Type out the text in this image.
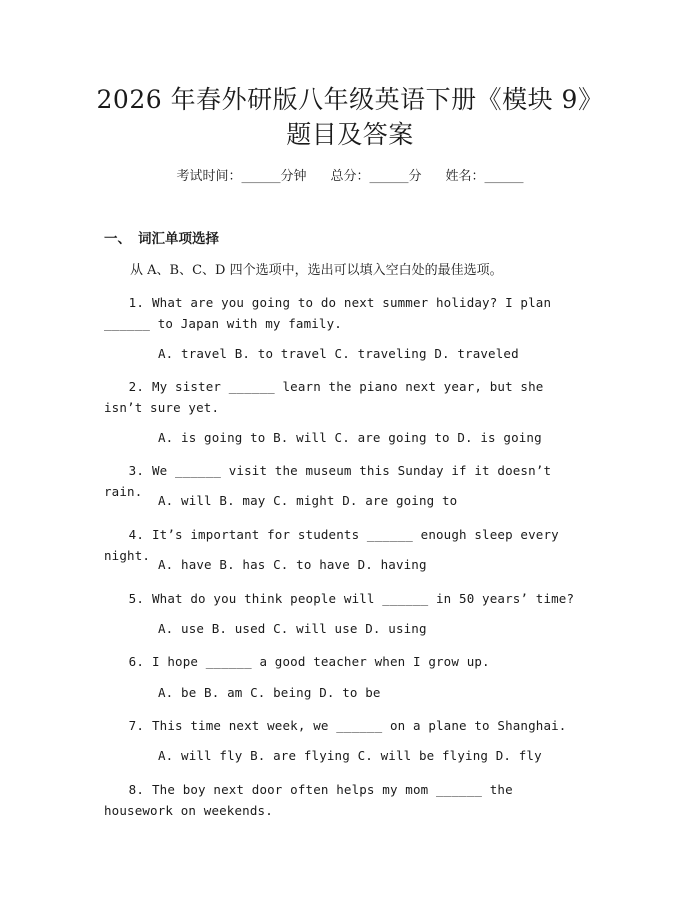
2026 年春外研版八年级英语下册《模块 9》
题目及答案
考试时间：______分钟 总分：______分 姓名：______
一、 词汇单项选择
从 A、B、C、D 四个选项中，选出可以填入空白处的最佳选项。
1. What are you going to do next summer holiday? I plan ______ to Japan with my family.
A. travel B. to travel C. traveling D. traveled
2. My sister ______ learn the piano next year, but she isn’t sure yet.
A. is going to B. will C. are going to D. is going
3. We ______ visit the museum this Sunday if it doesn’t rain.
A. will B. may C. might D. are going to
4. It’s important for students ______ enough sleep every night.
A. have B. has C. to have D. having
5. What do you think people will ______ in 50 years’ time?
A. use B. used C. will use D. using
6. I hope ______ a good teacher when I grow up.
A. be B. am C. being D. to be
7. This time next week, we ______ on a plane to Shanghai.
A. will fly B. are flying C. will be flying D. fly
8. The boy next door often helps my mom ______ the housework on weekends.
